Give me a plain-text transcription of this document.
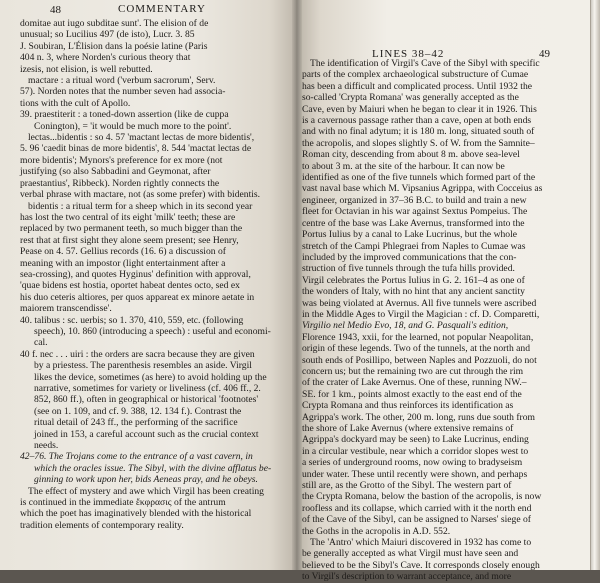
48	COMMENTARY
domitae aut iugo subditae sunt'. The elision of de
unusual; so Lucilius 497 (de isto), Lucr. 3. 85
J. Soubiran, L'Élision dans la poésie latine (Paris
404 n. 3, where Norden's curious theory that
izesis, not elision, is well rebutted.
mactare : a ritual word ('verbum sacrorum', Serv.
57). Norden notes that the number seven had associa-
tions with the cult of Apollo.
39. praestiterit : a toned-down assertion (like de cuppa
Conington), = 'it would be much more to the point'.
lectas...bidentis : so 4. 57 'mactant lectas de more bidentis',
5. 96 'caedit binas de more bidentis', 8. 544 'mactat lectas de
more bidentis'; Mynors's preference for ex more (not
justifying (so also Sabbadini and Geymonat, after
praestantius', Ribbeck). Norden rightly connects the
verbal phrase with mactare, not (as some prefer) with bidentis.
bidentis : a ritual term for a sheep which in its second year
has lost the two central of its eight 'milk' teeth; these are
replaced by two permanent teeth, so much bigger than the
rest that at first sight they alone seem present; see Henry,
Pease on 4. 57. Gellius records (16. 6) a discussion of
meaning with an impostor (light entertainment after a
sea-crossing), and quotes Hyginus' definition with approval,
'quae bidens est hostia, oportet habeat dentes octo, sed ex
his duo ceteris altiores, per quos appareat ex minore aetate in
maiorem transcendisse'.
40. talibus : sc. uerbis; so 1. 370, 410, 559, etc. (following
speech), 10. 860 (introducing a speech) : useful and economi-
cal.
40 f. nec . . . uiri : the orders are sacra because they are given
by a priestess. The parenthesis resembles an aside. Virgil
likes the device, sometimes (as here) to avoid holding up the
narrative, sometimes for variety or liveliness (cf. 406 ff., 2.
852, 860 ff.), often in geographical or historical 'footnotes'
(see on 1. 109, and cf. 9. 388, 12. 134 f.). Contrast the
ritual detail of 243 ff., the performing of the sacrifice
joined in 153, a careful account such as the crucial context
needs.
42–76. The Trojans come to the entrance of a vast cavern, in
which the oracles issue. The Sibyl, with the divine afflatus be-
ginning to work upon her, bids Aeneas pray, and he obeys.
The effect of mystery and awe which Virgil has been creating
is continued in the immediate ἔκφρασις of the antrum
which the poet has imaginatively blended with the historical
tradition elements of contemporary reality.
LINES 38–42	49
The identification of Virgil's Cave of the Sibyl with specific
parts of the complex archaeological substructure of Cumae
has been a difficult and complicated process. Until 1932 the
so-called 'Crypta Romana' was generally accepted as the
Cave, even by Maiuri when he began to clear it in 1926. This
is a cavernous passage rather than a cave, open at both ends
and with no final adytum; it is 180 m. long, situated south of
the acropolis, and slopes slightly S. of W. from the Samnite–
Roman city, descending from about 8 m. above sea-level
to about 3 m. at the site of the harbour. It can now be
identified as one of the five tunnels which formed part of the
vast naval base which M. Vipsanius Agrippa, with Cocceius as
engineer, organized in 37–36 B.C. to build and train a new
fleet for Octavian in his war against Sextus Pompeius. The
centre of the base was Lake Avernus, transformed into the
Portus Iulius by a canal to Lake Lucrinus, but the whole
stretch of the Campi Phlegraei from Naples to Cumae was
included by the improved communications that the con-
struction of five tunnels through the tufa hills provided.
Virgil celebrates the Portus Iulius in G. 2. 161–4 as one of
the wonders of Italy, with no hint that any ancient sanctity
was being violated at Avernus. All five tunnels were ascribed
in the Middle Ages to Virgil the Magician : cf. D. Comparetti,
Virgilio nel Medio Evo, 18, and G. Pasquali's edition,
Florence 1943, xxii, for the learned, not popular Neapolitan,
origin of these legends. Two of the tunnels, at the north and
south ends of Posillipo, between Naples and Pozzuoli, do not
concern us; but the remaining two are cut through the rim
of the crater of Lake Avernus. One of these, running NW.–
SE. for 1 km., points almost exactly to the east end of the
Crypta Romana and thus reinforces its identification as
Agrippa's work. The other, 200 m. long, runs due south from
the shore of Lake Avernus (where extensive remains of
Agrippa's dockyard may be seen) to Lake Lucrinus, ending
in a circular vestibule, near which a corridor slopes west to
a series of underground rooms, now owing to bradyseism
under water. These until recently were shown, and perhaps
still are, as the Grotto of the Sibyl. The western part of
the Crypta Romana, below the bastion of the acropolis, is now
roofless and its collapse, which carried with it the north end
of the Cave of the Sibyl, can be assigned to Narses' siege of
the Goths in the acropolis in A.D. 552.
The 'Antro' which Maiuri discovered in 1932 has come to
be generally accepted as what Virgil must have seen and
believed to be the Sibyl's Cave. It corresponds closely enough
to Virgil's description to warrant acceptance, and more
